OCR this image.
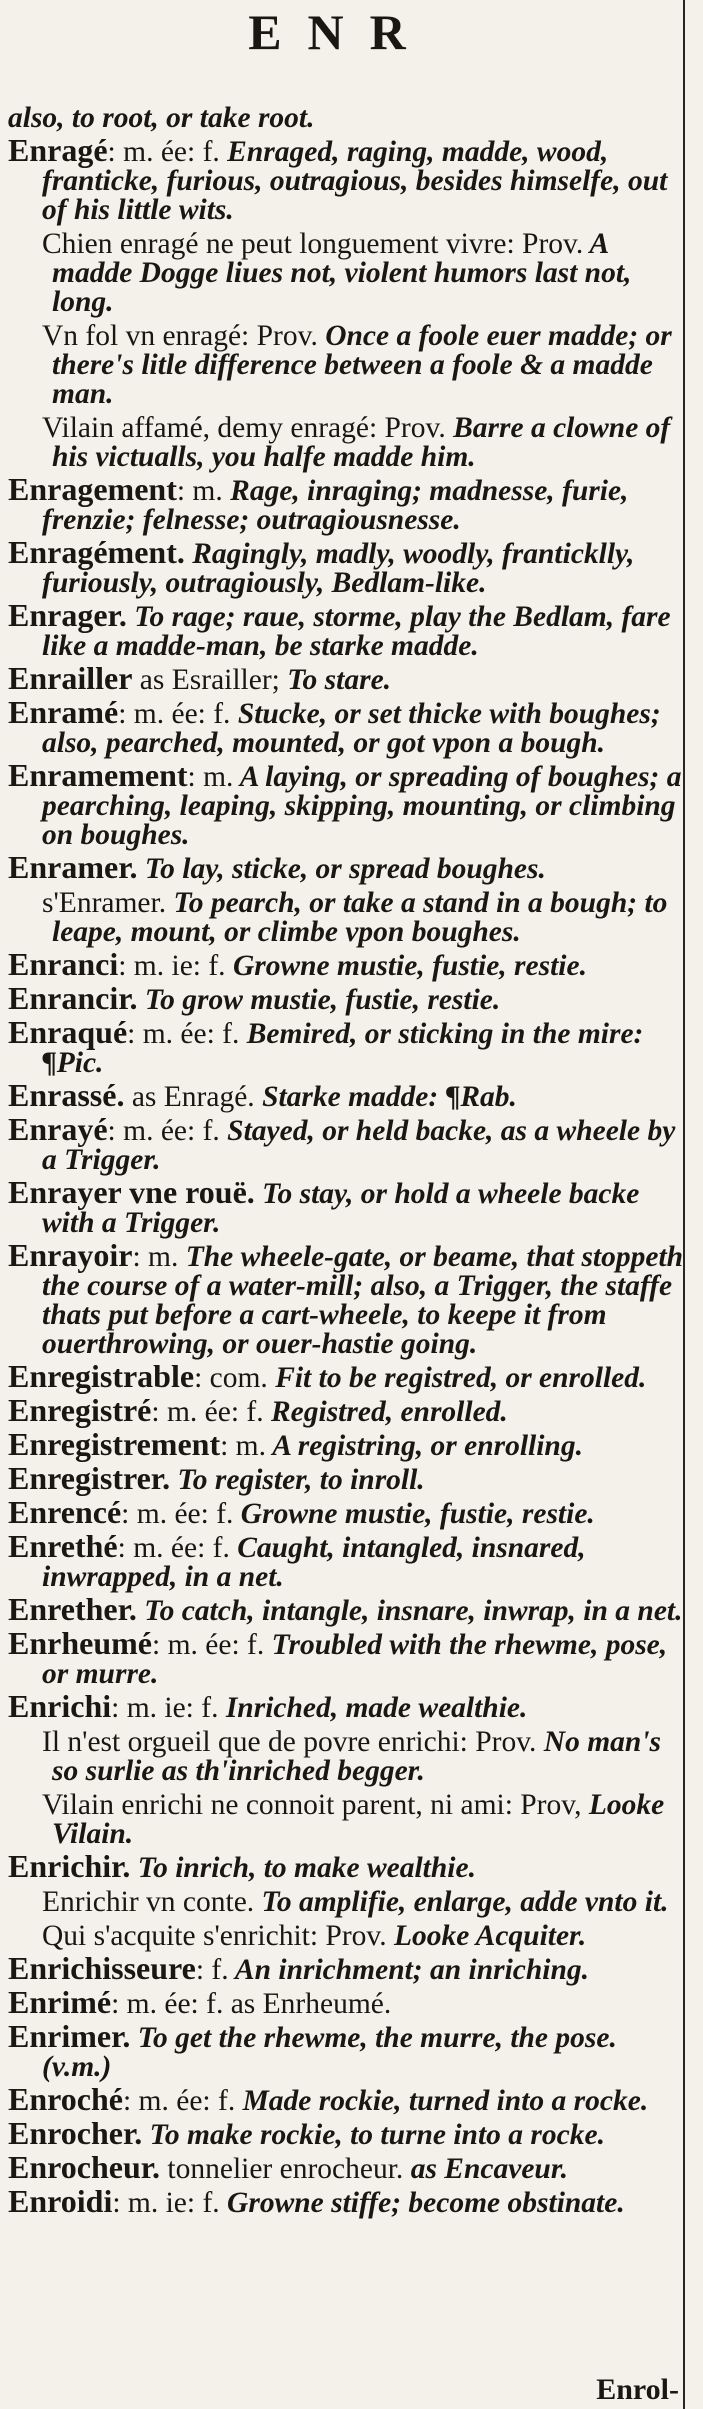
ENR
also, to root, or take root.
Enragé: m. ée: f. Enraged, raging, madde, wood, franticke, furious, outragious, besides himselfe, out of his little wits.
Chien enragé ne peut longuement vivre: Prov. A madde Dogge liues not, violent humors last not, long.
Vn fol vn enragé: Prov. Once a foole euer madde; or there's litle difference between a foole & a madde man.
Vilain affamé, demy enragé: Prov. Barre a clowne of his victualls, you halfe madde him.
Enragement: m. Rage, inraging; madnesse, furie, frenzie; felnesse; outragiousnesse.
Enragément. Ragingly, madly, woodly, franticklly, furiously, outragiously, Bedlam-like.
Enrager. To rage; raue, storme, play the Bedlam, fare like a madde-man, be starke madde.
Enrailler as Esrailler; To stare.
Enramé: m. ée: f. Stucke, or set thicke with boughes; also, pearched, mounted, or got vpon a bough.
Enramement: m. A laying, or spreading of boughes; a pearching, leaping, skipping, mounting, or climbing on boughes.
Enramer. To lay, sticke, or spread boughes.
s'Enramer. To pearch, or take a stand in a bough; to leape, mount, or climbe vpon boughes.
Enranci: m. ie: f. Growne mustie, fustie, restie.
Enrancir. To grow mustie, fustie, restie.
Enraqué: m. ée: f. Bemired, or sticking in the mire: ¶Pic.
Enrassé. as Enragé. Starke madde: ¶Rab.
Enrayé: m. ée: f. Stayed, or held backe, as a wheele by a Trigger.
Enrayer vne rouë. To stay, or hold a wheele backe with a Trigger.
Enrayoir: m. The wheele-gate, or beame, that stoppeth the course of a water-mill; also, a Trigger, the staffe thats put before a cart-wheele, to keepe it from ouerthrowing, or ouer-hastie going.
Enregistrable: com. Fit to be registred, or enrolled.
Enregistré: m. ée: f. Registred, enrolled.
Enregistrement: m. A registring, or enrolling.
Enregistrer. To register, to inroll.
Enrencé: m. ée: f. Growne mustie, fustie, restie.
Enrethé: m. ée: f. Caught, intangled, insnared, inwrapped, in a net.
Enrether. To catch, intangle, insnare, inwrap, in a net.
Enrheumé: m. ée: f. Troubled with the rhewme, pose, or murre.
Enrichi: m. ie: f. Inriched, made wealthie.
Il n'est orgueil que de povre enrichi: Prov. No man's so surlie as th'inriched begger.
Vilain enrichi ne connoit parent, ni ami: Prov, Looke Vilain.
Enrichir. To inrich, to make wealthie.
Enrichir vn conte. To amplifie, enlarge, adde vnto it.
Qui s'acquite s'enrichit: Prov. Looke Acquiter.
Enrichisseure: f. An inrichment; an inriching.
Enrimé: m. ée: f. as Enrheumé.
Enrimer. To get the rhewme, the murre, the pose. (v.m.)
Enroché: m. ée: f. Made rockie, turned into a rocke.
Enrocher. To make rockie, to turne into a rocke.
Enrocheur. tonnelier enrocheur. as Encaveur.
Enroidi: m. ie: f. Growne stiffe; become obstinate.
Enrol-
